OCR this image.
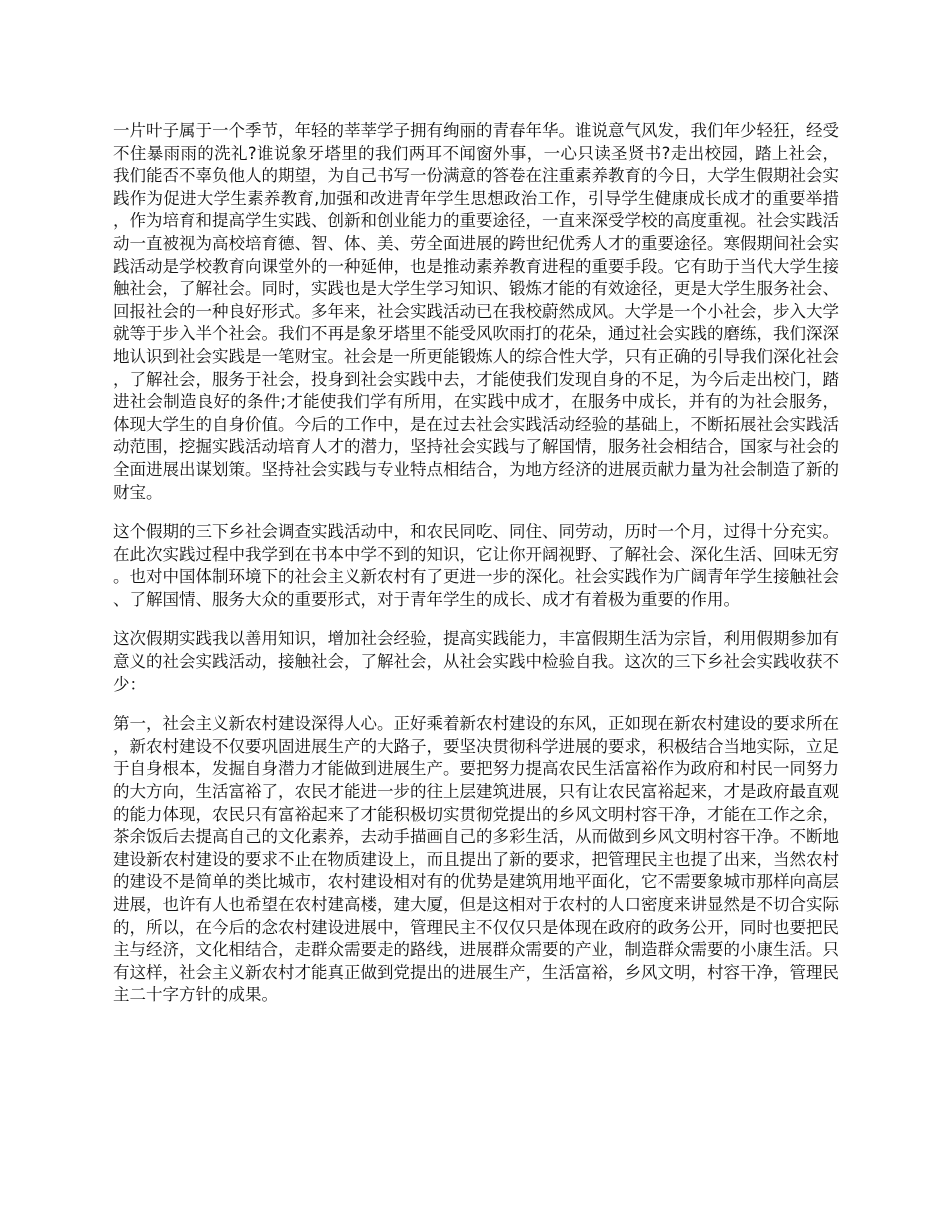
一片叶子属于一个季节，年轻的莘莘学子拥有绚丽的青春年华。谁说意气风发，我们年少轻狂，经受不住暴雨雨的洗礼?谁说象牙塔里的我们两耳不闻窗外事，一心只读圣贤书?走出校园，踏上社会，我们能否不辜负他人的期望，为自己书写一份满意的答卷在注重素养教育的今日，大学生假期社会实践作为促进大学生素养教育,加强和改进青年学生思想政治工作，引导学生健康成长成才的重要举措，作为培育和提高学生实践、创新和创业能力的重要途径，一直来深受学校的高度重视。社会实践活动一直被视为高校培育德、智、体、美、劳全面进展的跨世纪优秀人才的重要途径。寒假期间社会实践活动是学校教育向课堂外的一种延伸，也是推动素养教育进程的重要手段。它有助于当代大学生接触社会，了解社会。同时，实践也是大学生学习知识、锻炼才能的有效途径，更是大学生服务社会、回报社会的一种良好形式。多年来，社会实践活动已在我校蔚然成风。大学是一个小社会，步入大学就等于步入半个社会。我们不再是象牙塔里不能受风吹雨打的花朵，通过社会实践的磨练，我们深深地认识到社会实践是一笔财宝。社会是一所更能锻炼人的综合性大学，只有正确的引导我们深化社会，了解社会，服务于社会，投身到社会实践中去，才能使我们发现自身的不足，为今后走出校门，踏进社会制造良好的条件;才能使我们学有所用，在实践中成才，在服务中成长，并有的为社会服务，体现大学生的自身价值。今后的工作中，是在过去社会实践活动经验的基础上，不断拓展社会实践活动范围，挖掘实践活动培育人才的潜力，坚持社会实践与了解国情，服务社会相结合，国家与社会的全面进展出谋划策。坚持社会实践与专业特点相结合，为地方经济的进展贡献力量为社会制造了新的财宝。

这个假期的三下乡社会调查实践活动中，和农民同吃、同住、同劳动，历时一个月，过得十分充实。在此次实践过程中我学到在书本中学不到的知识，它让你开阔视野、了解社会、深化生活、回味无穷。也对中国体制环境下的社会主义新农村有了更进一步的深化。社会实践作为广阔青年学生接触社会、了解国情、服务大众的重要形式，对于青年学生的成长、成才有着极为重要的作用。

这次假期实践我以善用知识，增加社会经验，提高实践能力，丰富假期生活为宗旨，利用假期参加有意义的社会实践活动，接触社会，了解社会，从社会实践中检验自我。这次的三下乡社会实践收获不少：

第一，社会主义新农村建设深得人心。正好乘着新农村建设的东风，正如现在新农村建设的要求所在，新农村建设不仅要巩固进展生产的大路子，要坚决贯彻科学进展的要求，积极结合当地实际，立足于自身根本，发掘自身潜力才能做到进展生产。要把努力提高农民生活富裕作为政府和村民一同努力的大方向，生活富裕了，农民才能进一步的往上层建筑进展，只有让农民富裕起来，才是政府最直观的能力体现，农民只有富裕起来了才能积极切实贯彻党提出的乡风文明村容干净，才能在工作之余，茶余饭后去提高自己的文化素养，去动手描画自己的多彩生活，从而做到乡风文明村容干净。不断地建设新农村建设的要求不止在物质建设上，而且提出了新的要求，把管理民主也提了出来，当然农村的建设不是简单的类比城市，农村建设相对有的优势是建筑用地平面化，它不需要象城市那样向高层进展，也许有人也希望在农村建高楼，建大厦，但是这相对于农村的人口密度来讲显然是不切合实际的，所以，在今后的念农村建设进展中，管理民主不仅仅只是体现在政府的政务公开，同时也要把民主与经济，文化相结合，走群众需要走的路线，进展群众需要的产业，制造群众需要的小康生活。只有这样，社会主义新农村才能真正做到党提出的进展生产，生活富裕，乡风文明，村容干净，管理民主二十字方针的成果。
